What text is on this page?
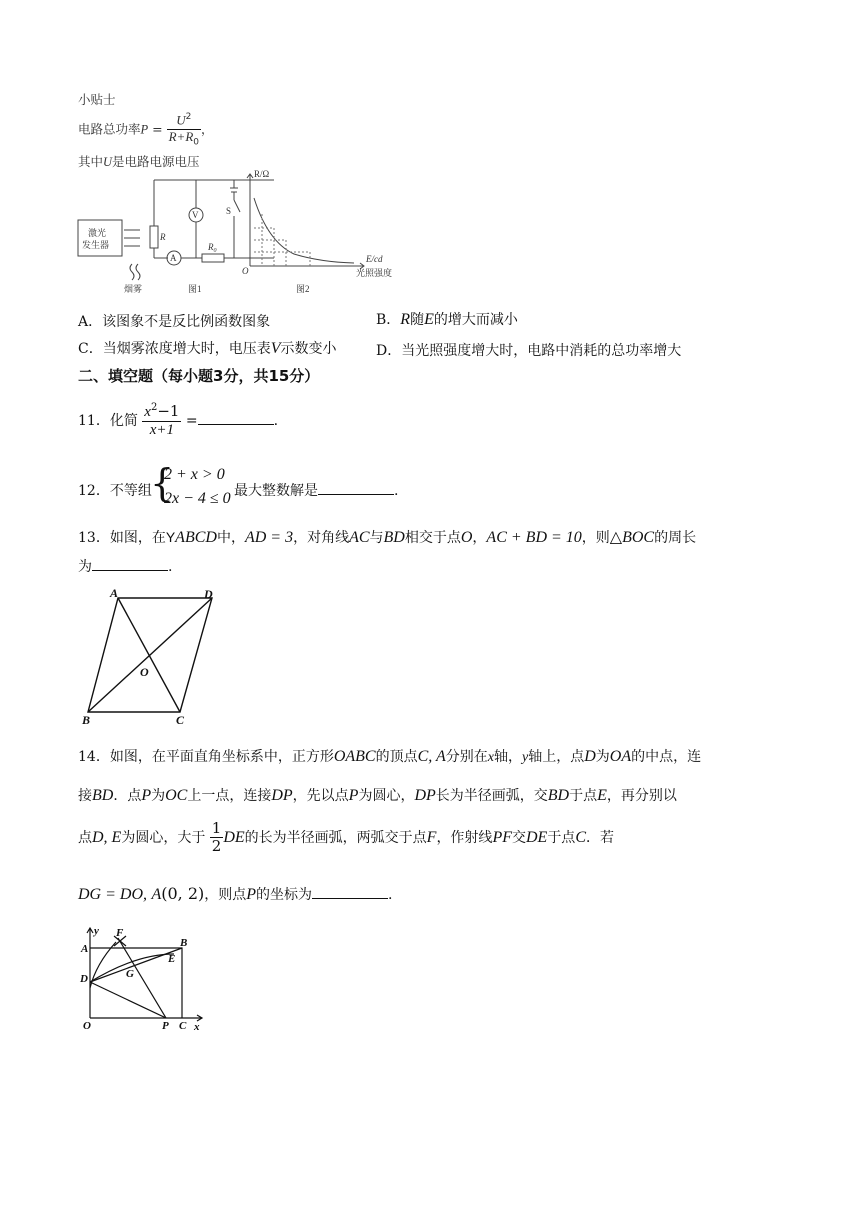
小贴士
电路总功率$P = \frac{U^2}{R+R_0}$ ，
其中U是电路电源电压
激光
发生器
烟雾
R
V
A
$R_0$
S
图1	图2
R/Ω
E/cd
光照强度
O
A．该图象不是反比例函数图象	B．R随E的增大而减小
C．当烟雾浓度增大时，电压表V示数变小	D．当光照强度增大时，电路中消耗的总功率增大
二、填空题（每小题3分，共15分）
11．化简 $\frac{x^2-1}{x+1}$ =	.
12．不等组
{
2 + x > 0
2x − 4 ≤ 0 最大整数解是	.
13．如图，在YABCD中，AD = 3，对角线AC与BD相交于点O，AC + BD = 10，则△BOC的周长
为	.
A	D
O
B	C
14．如图，在平面直角坐标系中，正方形OABC的顶点C, A分别在x轴，y轴上，点D为OA的中点，连
接BD．点P为OC上一点，连接DP，先以点P为圆心，DP长为半径画弧，交BD于点E，再分别以
点D, E为圆心，大于 $\frac{1}{2}$ DE的长为半径画弧，两弧交于点F，作射线PF交DE于点C．若
DG = DO, A(0, 2)，则点P的坐标为	.
y
x
A
F
B
E
D	G
O	P C
